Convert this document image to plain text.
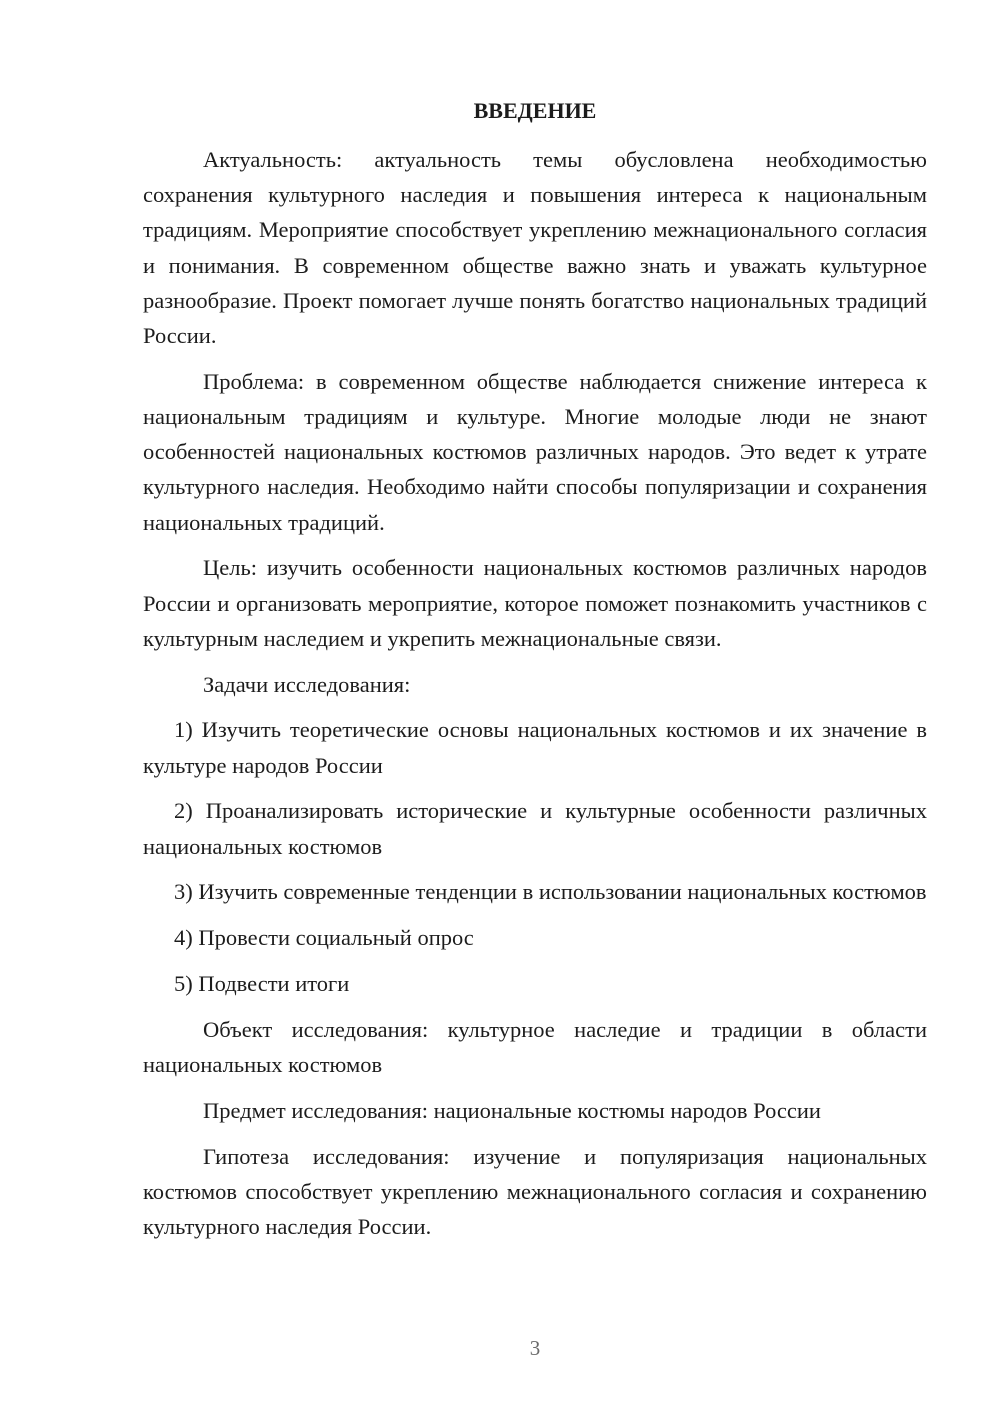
ВВЕДЕНИЕ

Актуальность: актуальность темы обусловлена необходимостью сохранения культурного наследия и повышения интереса к национальным традициям. Мероприятие способствует укреплению межнационального согласия и понимания. В современном обществе важно знать и уважать культурное разнообразие. Проект помогает лучше понять богатство национальных традиций России.

Проблема: в современном обществе наблюдается снижение интереса к национальным традициям и культуре. Многие молодые люди не знают особенностей национальных костюмов различных народов. Это ведет к утрате культурного наследия. Необходимо найти способы популяризации и сохранения национальных традиций.

Цель: изучить особенности национальных костюмов различных народов России и организовать мероприятие, которое поможет познакомить участников с культурным наследием и укрепить межнациональные связи.

Задачи исследования:

1) Изучить теоретические основы национальных костюмов и их значение в культуре народов России

2) Проанализировать исторические и культурные особенности различных национальных костюмов

3) Изучить современные тенденции в использовании национальных костюмов

4) Провести социальный опрос

5) Подвести итоги

Объект исследования: культурное наследие и традиции в области национальных костюмов

Предмет исследования: национальные костюмы народов России

Гипотеза исследования: изучение и популяризация национальных костюмов способствует укреплению межнационального согласия и сохранению культурного наследия России.

3
